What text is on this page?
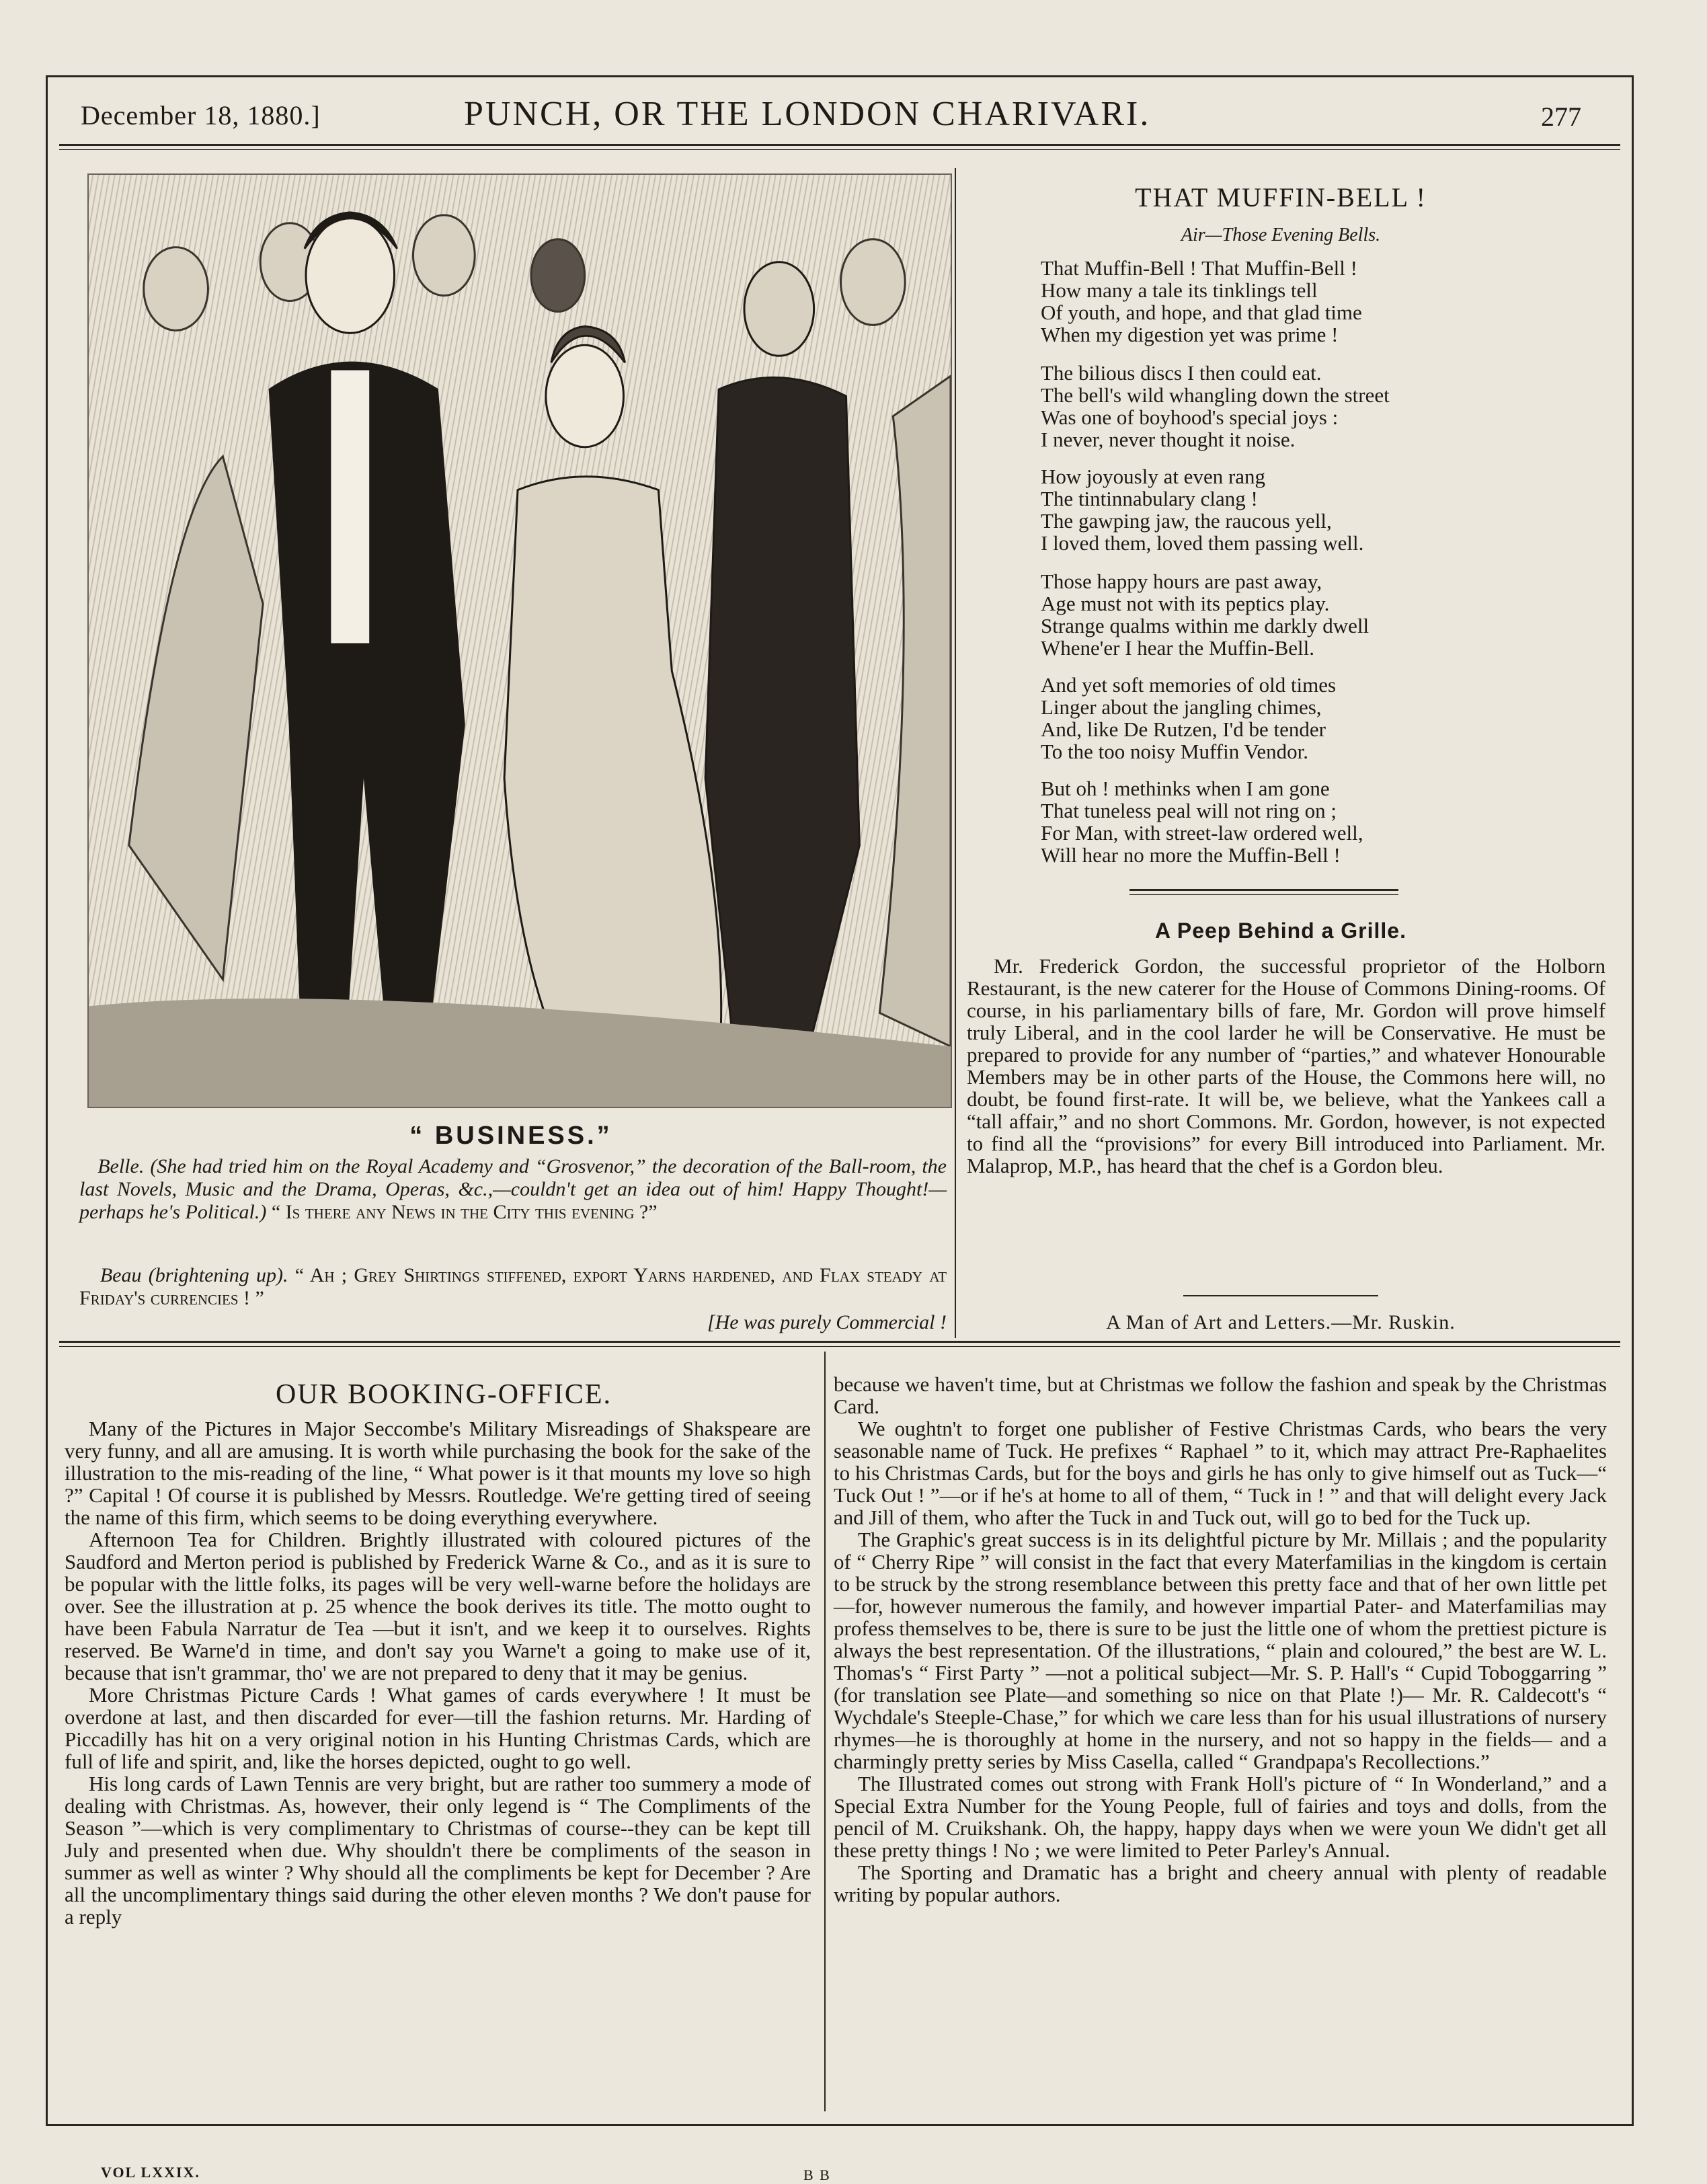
December 18, 1880.]	PUNCH, OR THE LONDON CHARIVARI.	277
“ BUSINESS.”
Belle. (She had tried him on the Royal Academy and “Grosvenor,” the decoration of the Ball-room, the last Novels, Music and the Drama, Operas, &c.,—couldn't get an idea out of him! Happy Thought!—perhaps he's Political.) “ Is there any News in the City this evening ?”
Beau (brightening up). “ Ah ; Grey Shirtings stiffened, export Yarns hardened, and Flax steady at Friday's currencies ! ”
[He was purely Commercial !
THAT MUFFIN-BELL !
Air—Those Evening Bells.
That Muffin-Bell ! That Muffin-Bell !
How many a tale its tinklings tell
Of youth, and hope, and that glad time
When my digestion yet was prime !
The bilious discs I then could eat.
The bell's wild whangling down the street
Was one of boyhood's special joys :
I never, never thought it noise.
How joyously at even rang
The tintinnabulary clang !
The gawping jaw, the raucous yell,
I loved them, loved them passing well.
Those happy hours are past away,
Age must not with its peptics play.
Strange qualms within me darkly dwell
Whene'er I hear the Muffin-Bell.
And yet soft memories of old times
Linger about the jangling chimes,
And, like De Rutzen, I'd be tender
To the too noisy Muffin Vendor.
But oh ! methinks when I am gone
That tuneless peal will not ring on ;
For Man, with street-law ordered well,
Will hear no more the Muffin-Bell !
A Peep Behind a Grille.
Mr. Frederick Gordon, the successful proprietor of the Holborn Restaurant, is the new caterer for the House of Commons Dining-rooms. Of course, in his parliamentary bills of fare, Mr. Gordon will prove himself truly Liberal, and in the cool larder he will be Conservative. He must be prepared to provide for any number of “parties,” and whatever Honourable Members may be in other parts of the House, the Commons here will, no doubt, be found first-rate. It will be, we believe, what the Yankees call a “tall affair,” and no short Commons. Mr. Gordon, however, is not expected to find all the “provisions” for every Bill introduced into Parliament. Mr. Malaprop, M.P., has heard that the chef is a Gordon bleu.
A Man of Art and Letters.—Mr. Ruskin.
OUR BOOKING-OFFICE.

Many of the Pictures in Major Seccombe's Military Misreadings of Shakspeare are very funny, and all are amusing. It is worth while purchasing the book for the sake of the illustration to the mis-reading of the line, “ What power is it that mounts my love so high ?” Capital ! Of course it is published by Messrs. Routledge. We're getting tired of seeing the name of this firm, which seems to be doing everything everywhere.

Afternoon Tea for Children. Brightly illustrated with coloured pictures of the Saudford and Merton period is published by Frederick Warne & Co., and as it is sure to be popular with the little folks, its pages will be very well-warne before the holidays are over. See the illustration at p. 25 whence the book derives its title. The motto ought to have been Fabula Narratur de Tea —but it isn't, and we keep it to ourselves. Rights reserved. Be Warne'd in time, and don't say you Warne't a going to make use of it, because that isn't grammar, tho' we are not prepared to deny that it may be genius.

More Christmas Picture Cards ! What games of cards everywhere ! It must be overdone at last, and then discarded for ever—till the fashion returns. Mr. Harding of Piccadilly has hit on a very original notion in his Hunting Christmas Cards, which are full of life and spirit, and, like the horses depicted, ought to go well.

His long cards of Lawn Tennis are very bright, but are rather too summery a mode of dealing with Christmas. As, however, their only legend is “ The Compliments of the Season ”—which is very complimentary to Christmas of course--they can be kept till July and presented when due. Why shouldn't there be compliments of the season in summer as well as winter ? Why should all the compliments be kept for December ? Are all the uncomplimentary things said during the other eleven months ? We don't pause for a reply

because we haven't time, but at Christmas we follow the fashion and speak by the Christmas Card.

We oughtn't to forget one publisher of Festive Christmas Cards, who bears the very seasonable name of Tuck. He prefixes “ Raphael ” to it, which may attract Pre-Raphaelites to his Christmas Cards, but for the boys and girls he has only to give himself out as Tuck—“ Tuck Out ! ”—or if he's at home to all of them, “ Tuck in ! ” and that will delight every Jack and Jill of them, who after the Tuck in and Tuck out, will go to bed for the Tuck up.

The Graphic's great success is in its delightful picture by Mr. Millais ; and the popularity of “ Cherry Ripe ” will consist in the fact that every Materfamilias in the kingdom is certain to be struck by the strong resemblance between this pretty face and that of her own little pet—for, however numerous the family, and however impartial Pater- and Materfamilias may profess themselves to be, there is sure to be just the little one of whom the prettiest picture is always the best representation. Of the illustrations, “ plain and coloured,” the best are W. L. Thomas's “ First Party ” —not a political subject—Mr. S. P. Hall's “ Cupid Toboggarring ” (for translation see Plate—and something so nice on that Plate !)— Mr. R. Caldecott's “ Wychdale's Steeple-Chase,” for which we care less than for his usual illustrations of nursery rhymes—he is thoroughly at home in the nursery, and not so happy in the fields— and a charmingly pretty series by Miss Casella, called “ Grandpapa's Recollections.”

The Illustrated comes out strong with Frank Holl's picture of “ In Wonderland,” and a Special Extra Number for the Young People, full of fairies and toys and dolls, from the pencil of M. Cruikshank. Oh, the happy, happy days when we were youn We didn't get all these pretty things ! No ; we were limited to Peter Parley's Annual.

The Sporting and Dramatic has a bright and cheery annual with plenty of readable writing by popular authors.

VOL LXXIX.	B B
